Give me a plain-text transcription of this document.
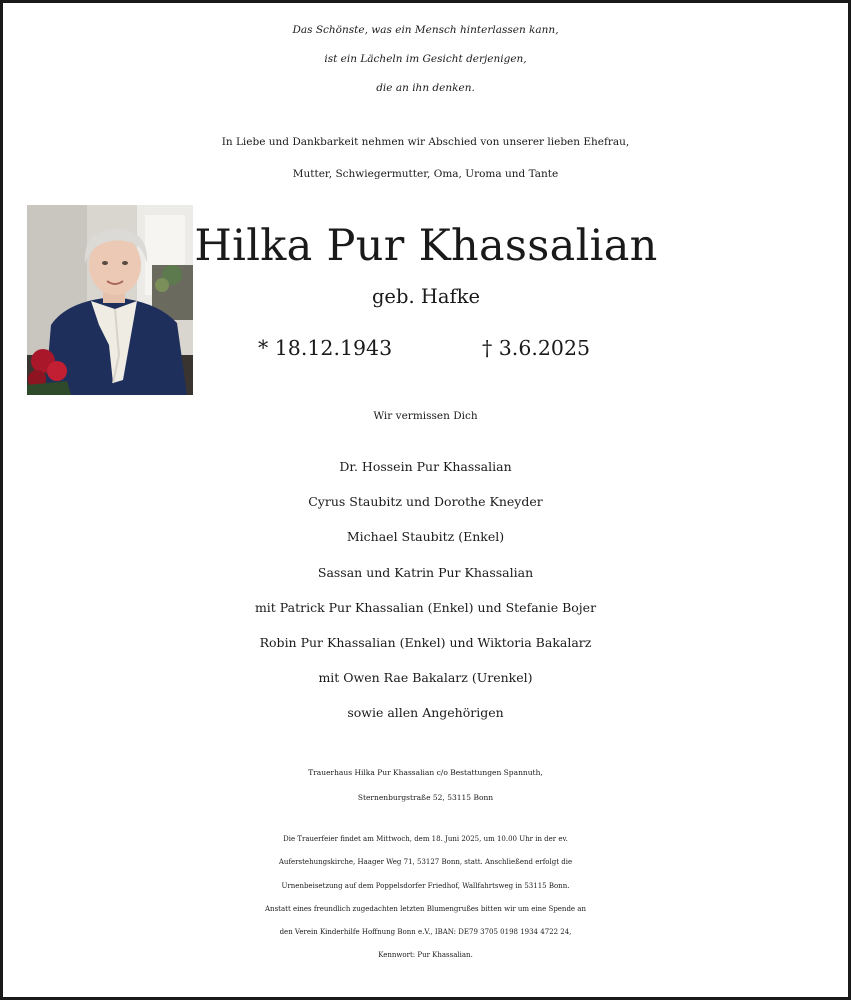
Das Schönste, was ein Mensch hinterlassen kann,
ist ein Lächeln im Gesicht derjenigen,
die an ihn denken.
In Liebe und Dankbarkeit nehmen wir Abschied von unserer lieben Ehefrau,
Mutter, Schwiegermutter, Oma, Uroma und Tante
Hilka Pur Khassalian
geb. Hafke
* 18.12.1943	† 3.6.2025
Wir vermissen Dich
Dr. Hossein Pur Khassalian
Cyrus Staubitz und Dorothe Kneyder
Michael Staubitz (Enkel)
Sassan und Katrin Pur Khassalian
mit Patrick Pur Khassalian (Enkel) und Stefanie Bojer
Robin Pur Khassalian (Enkel) und Wiktoria Bakalarz
mit Owen Rae Bakalarz (Urenkel)
sowie allen Angehörigen
Trauerhaus Hilka Pur Khassalian c/o Bestattungen Spannuth,
Sternenburgstraße 52, 53115 Bonn
Die Trauerfeier findet am Mittwoch, dem 18. Juni 2025, um 10.00 Uhr in der ev.
Auferstehungskirche, Haager Weg 71, 53127 Bonn, statt. Anschließend erfolgt die
Urnenbeisetzung auf dem Poppelsdorfer Friedhof, Wallfahrtsweg in 53115 Bonn.
Anstatt eines freundlich zugedachten letzten Blumengrußes bitten wir um eine Spende an
den Verein Kinderhilfe Hoffnung Bonn e.V., IBAN: DE79 3705 0198 1934 4722 24,
Kennwort: Pur Khassalian.
